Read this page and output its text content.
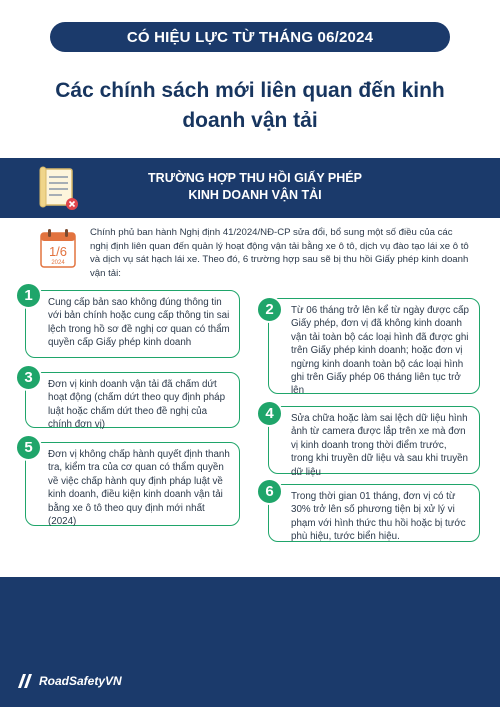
CÓ HIỆU LỰC TỪ THÁNG 06/2024
Các chính sách mới liên quan đến kinh
doanh vận tải
TRƯỜNG HỢP THU HỒI GIẤY PHÉP
KINH DOANH VẬN TẢI
1/6
2024
Chính phủ ban hành Nghị định 41/2024/NĐ-CP sửa đổi, bổ sung một số điều của các nghị định liên quan đến quản lý hoạt động vận tải bằng xe ô tô, dịch vụ đào tạo lái xe ô tô và dịch vụ sát hạch lái xe. Theo đó, 6 trường hợp sau sẽ bị thu hồi Giấy phép kinh doanh vận tải:
Cung cấp bản sao không đúng thông tin với bản chính hoặc cung cấp thông tin sai lệch trong hồ sơ đề nghị cơ quan có thẩm quyền cấp Giấy phép kinh doanh
1
Đơn vị kinh doanh vận tải đã chấm dứt hoạt động (chấm dứt theo quy định pháp luật hoặc chấm dứt theo đề nghị của chính đơn vị)
3
Đơn vị không chấp hành quyết định thanh tra, kiểm tra của cơ quan có thẩm quyền về việc chấp hành quy định pháp luật về kinh doanh, điều kiện kinh doanh vận tải bằng xe ô tô theo quy định mới nhất (2024)
5
Từ 06 tháng trở lên kể từ ngày được cấp Giấy phép, đơn vị đã không kinh doanh vận tải toàn bộ các loại hình đã được ghi trên Giấy phép kinh doanh; hoặc đơn vị ngừng kinh doanh toàn bộ các loại hình ghi trên Giấy phép 06 tháng liên tục trở lên
2
Sửa chữa hoặc làm sai lệch dữ liệu hình ảnh từ camera được lắp trên xe mà đơn vị kinh doanh trong thời điểm trước, trong khi truyền dữ liệu và sau khi truyền dữ liệu
4
Trong thời gian 01 tháng, đơn vị có từ 30% trở lên số phương tiện bị xử lý vi phạm với hình thức thu hồi hoặc bị tước phù hiệu, tước biển hiệu.
6
RoadSafetyVN
